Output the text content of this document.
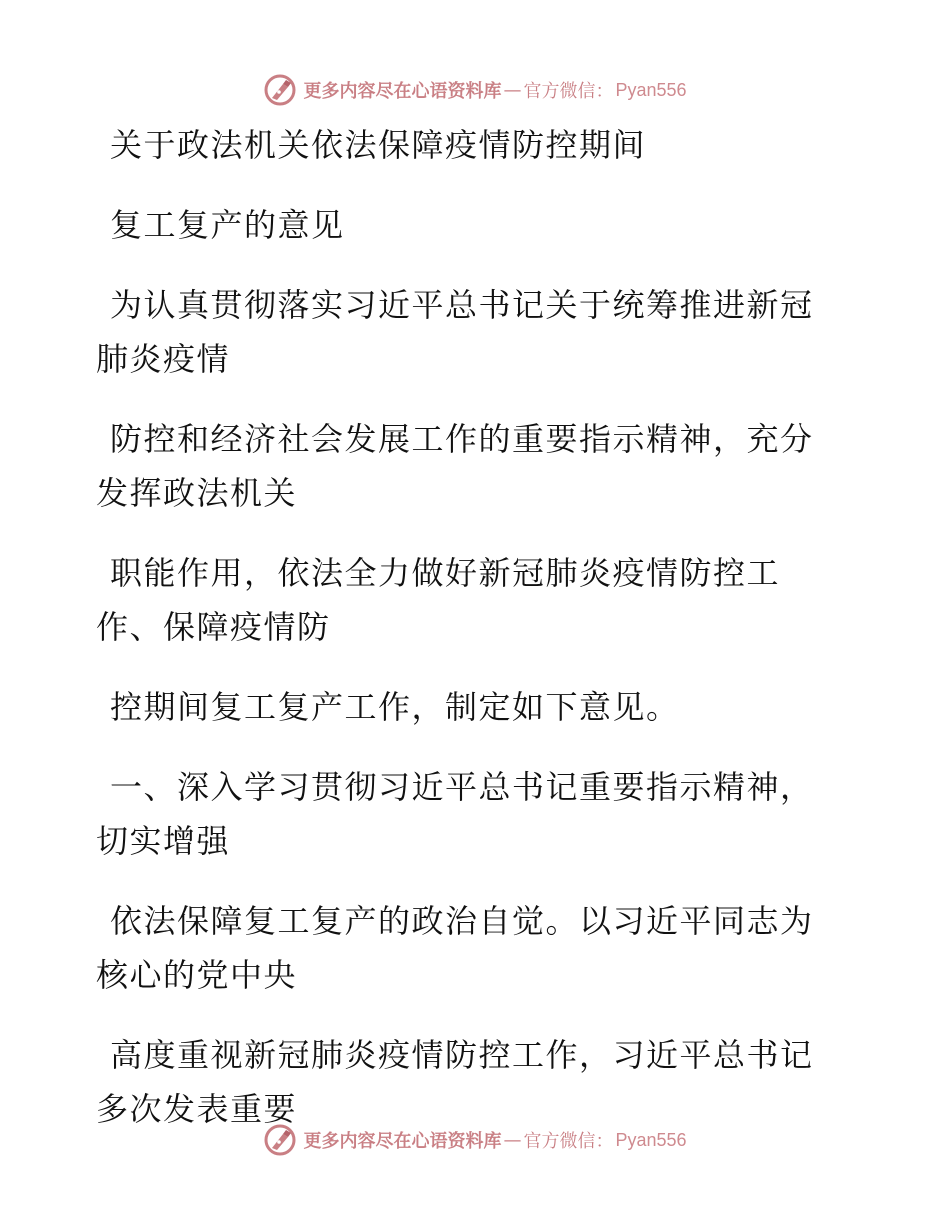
更多内容尽在心语资料库 — 官方微信： Pyan556
关于政法机关依法保障疫情防控期间
复工复产的意见
为认真贯彻落实习近平总书记关于统筹推进新冠
肺炎疫情
防控和经济社会发展工作的重要指示精神，充分
发挥政法机关
职能作用，依法全力做好新冠肺炎疫情防控工
作、保障疫情防
控期间复工复产工作，制定如下意见。
一、深入学习贯彻习近平总书记重要指示精神，
切实增强
依法保障复工复产的政治自觉。以习近平同志为
核心的党中央
高度重视新冠肺炎疫情防控工作，习近平总书记
多次发表重要
更多内容尽在心语资料库 — 官方微信： Pyan556
